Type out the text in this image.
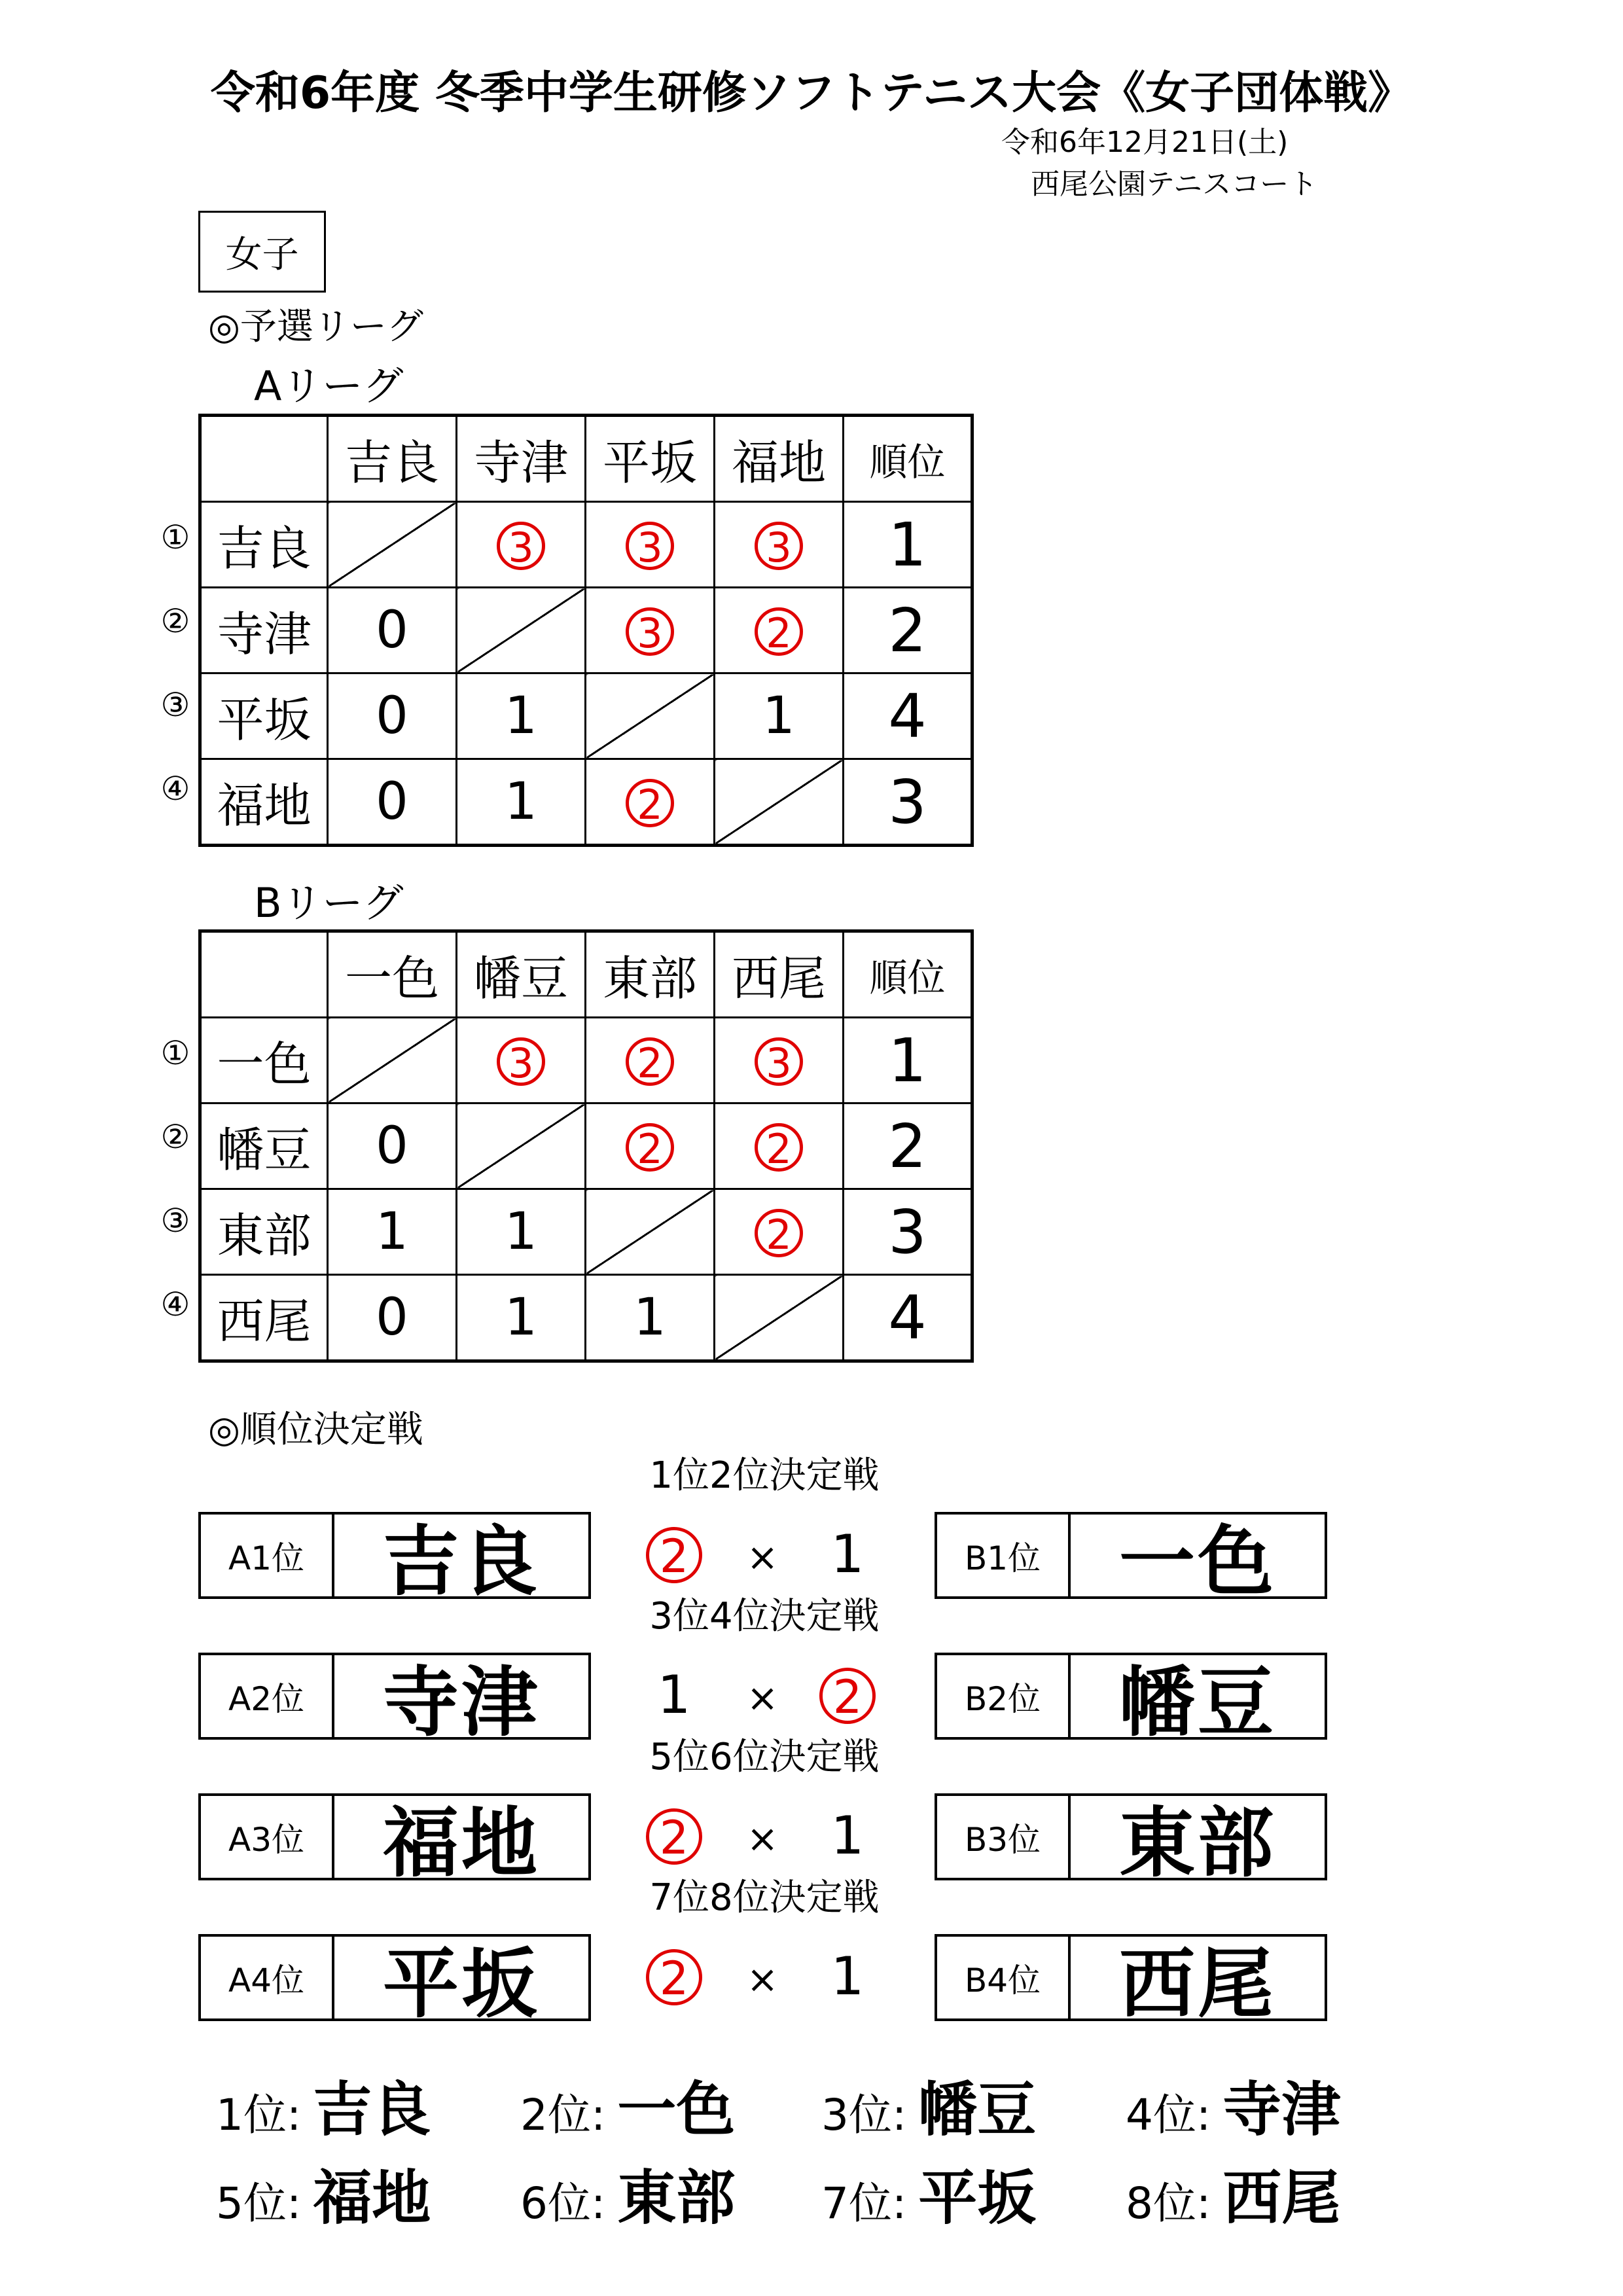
令和6年度 冬季中学生研修ソフトテニス大会《女子団体戦》
令和6年12月21日(土)
西尾公園テニスコート
女子
◎予選リーグ
Aリーグ
①
②
③
④
	吉良	寺津	平坂	福地	順位
吉良		3	3	3	1
寺津	0		3	2	2
平坂	0	1		1	4
福地	0	1	2		3
Bリーグ
①
②
③
④
	一色	幡豆	東部	西尾	順位
一色		3	2	3	1
幡豆	0		2	2	2
東部	1	1		2	3
西尾	0	1	1		4
◎順位決定戦
1位2位決定戦
A1位	吉良	B1位	一色
2	× 1
3位4位決定戦
A2位	寺津	B2位	幡豆
1	×	2
5位6位決定戦
A3位	福地	B3位	東部
2	× 1
7位8位決定戦
A4位	平坂	B4位	西尾
2	× 1
1位: 吉良 2位: 一色 3位: 幡豆 4位: 寺津
5位: 福地 6位: 東部 7位: 平坂 8位: 西尾
